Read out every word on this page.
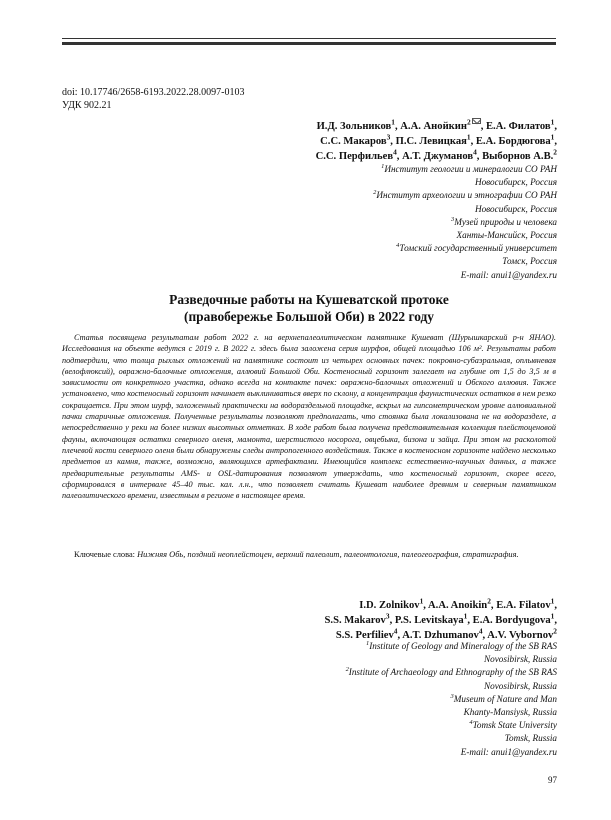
doi: 10.17746/2658-6193.2022.28.0097-0103
УДК 902.21
И.Д. Зольников$^1$, А.А. Анойкин$^2$ , Е.А. Филатов$^1$,
С.С. Макаров$^3$, П.С. Левицкая$^1$, Е.А. Бордюгова$^1$,
С.С. Перфильев$^4$, А.Т. Джуманов$^4$, Выборнов А.В.$^2$
$^1$Институт геологии и минералогии СО РАН
Новосибирск, Россия
$^2$Институт археологии и этнографии СО РАН
Новосибирск, Россия
$^3$Музей природы и человека
Ханты-Мансийск, Россия
$^4$Томский государственный университет
Томск, Россия
E-mail: anui1@yandex.ru
Разведочные работы на Кушеватской протоке
(правобережье Большой Оби) в 2022 году
Статья посвящена результатам работ 2022 г. на верхнепалеолитическом памятнике Кушеват (Шурышкарский р-н ЯНАО). Исследования на объекте ведутся с 2019 г. В 2022 г. здесь была заложена серия шурфов, общей площадью 106 м². Результаты работ подтвердили, что толща рыхлых отложений на памятнике состоит из четырех основных пачек: покровно-субаэральная, оплывневая (велофлюксий), овражно-балочные отложения, аллювий Большой Оби. Костеносный горизонт залегает на глубине от 1,5 до 3,5 м в зависимости от конкретного участка, однако всегда на контакте пачек: овражно-балочных отложений и Обского аллювия. Также установлено, что костеносный горизонт начинает выклиниваться вверх по склону, а концентрация фаунистических остатков в нем резко сокращается. При этом шурф, заложенный практически на водораздельной площадке, вскрыл на гипсометрическом уровне аллювиальной пачки старичные отложения. Полученные результаты позволяют предполагать, что стоянка была локализована не на водоразделе, а непосредственно у реки на более низких высотных отметках. В ходе работ была получена представительная коллекция плейстоценовой фауны, включающая остатки северного оленя, мамонта, шерстистого носорога, овцебыка, бизона и зайца. При этом на расколотой плечевой кости северного оленя были обнаружены следы антропогенного воздействия. Также в костеносном горизонте найдено несколько предметов из камня, также, возможно, являющихся артефактами. Имеющийся комплекс естественно-научных данных, а также предварительные результаты AMS- и OSL-датирования позволяют утверждать, что костеносный горизонт, скорее всего, сформировался в интервале 45–40 тыс. кал. л.н., что позволяет считать Кушеват наиболее древним и северным памятником палеолитического времени, известным в регионе в настоящее время.
Ключевые слова: Нижняя Обь, поздний неоплейстоцен, верхний палеолит, палеонтология, палеогеография, стратиграфия.
I.D. Zolnikov$^1$, A.A. Anoikin$^2$, E.A. Filatov$^1$,
S.S. Makarov$^3$, P.S. Levitskaya$^1$, E.A. Bordyugova$^1$,
S.S. Perfiliev$^4$, A.T. Dzhumanov$^4$, A.V. Vybornov$^2$
$^1$Institute of Geology and Mineralogy of the SB RAS
Novosibirsk, Russia
$^2$Institute of Archaeology and Ethnography of the SB RAS
Novosibirsk, Russia
$^3$Museum of Nature and Man
Khanty-Mansiysk, Russia
$^4$Tomsk State University
Tomsk, Russia
E-mail: anui1@yandex.ru
97
